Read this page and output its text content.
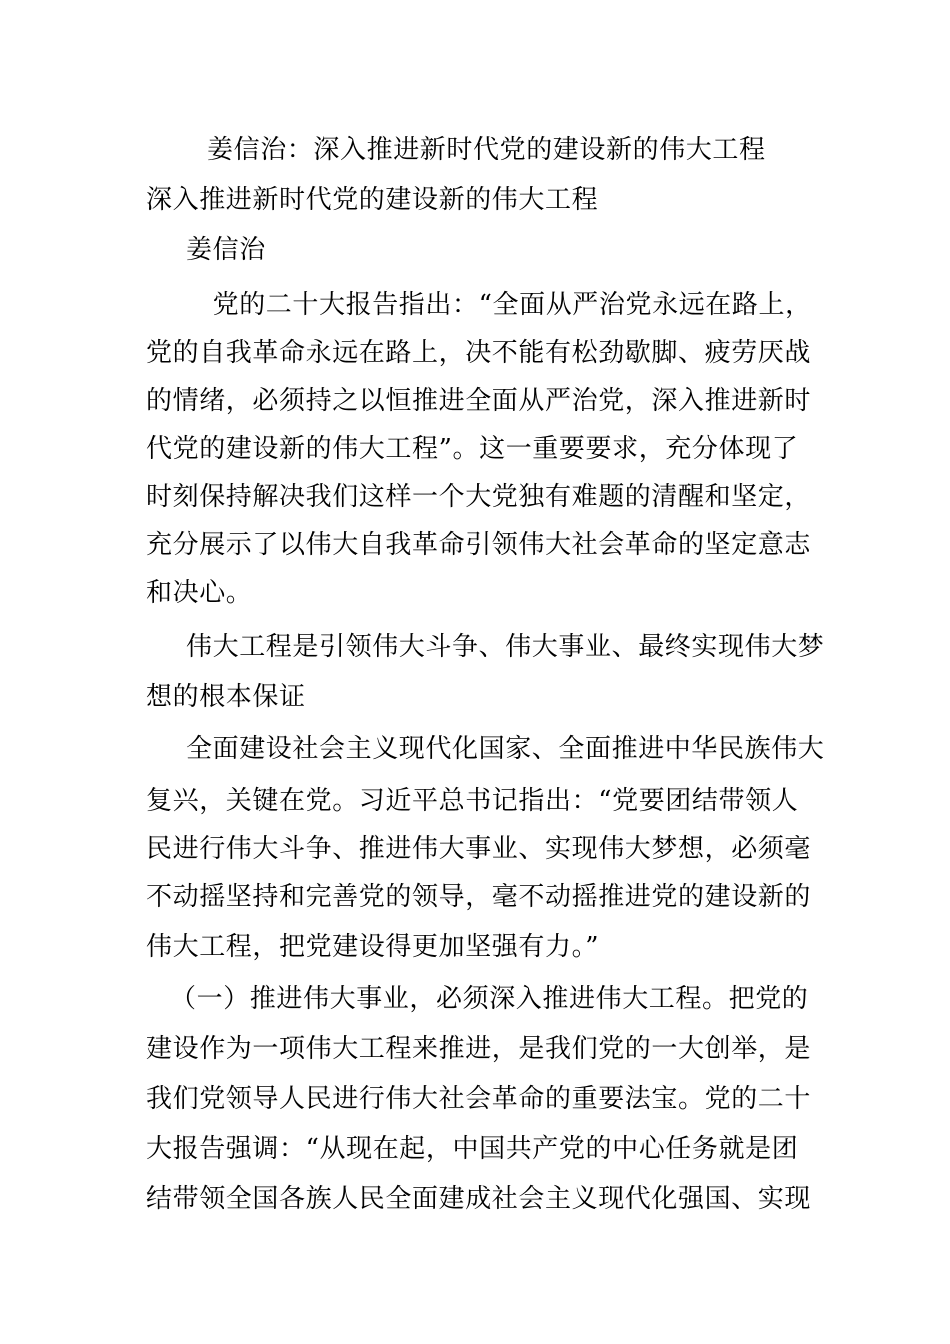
姜信治：深入推进新时代党的建设新的伟大工程
深入推进新时代党的建设新的伟大工程
姜信治
　党的二十大报告指出：“全面从严治党永远在路上，
党的自我革命永远在路上，决不能有松劲歇脚、疲劳厌战
的情绪，必须持之以恒推进全面从严治党，深入推进新时
代党的建设新的伟大工程”。这一重要要求，充分体现了
时刻保持解决我们这样一个大党独有难题的清醒和坚定，
充分展示了以伟大自我革命引领伟大社会革命的坚定意志
和决心。
伟大工程是引领伟大斗争、伟大事业、最终实现伟大梦
想的根本保证
全面建设社会主义现代化国家、全面推进中华民族伟大
复兴，关键在党。习近平总书记指出：“党要团结带领人
民进行伟大斗争、推进伟大事业、实现伟大梦想，必须毫
不动摇坚持和完善党的领导，毫不动摇推进党的建设新的
伟大工程，把党建设得更加坚强有力。”
（一）推进伟大事业，必须深入推进伟大工程。把党的
建设作为一项伟大工程来推进，是我们党的一大创举，是
我们党领导人民进行伟大社会革命的重要法宝。党的二十
大报告强调：“从现在起，中国共产党的中心任务就是团
结带领全国各族人民全面建成社会主义现代化强国、实现
